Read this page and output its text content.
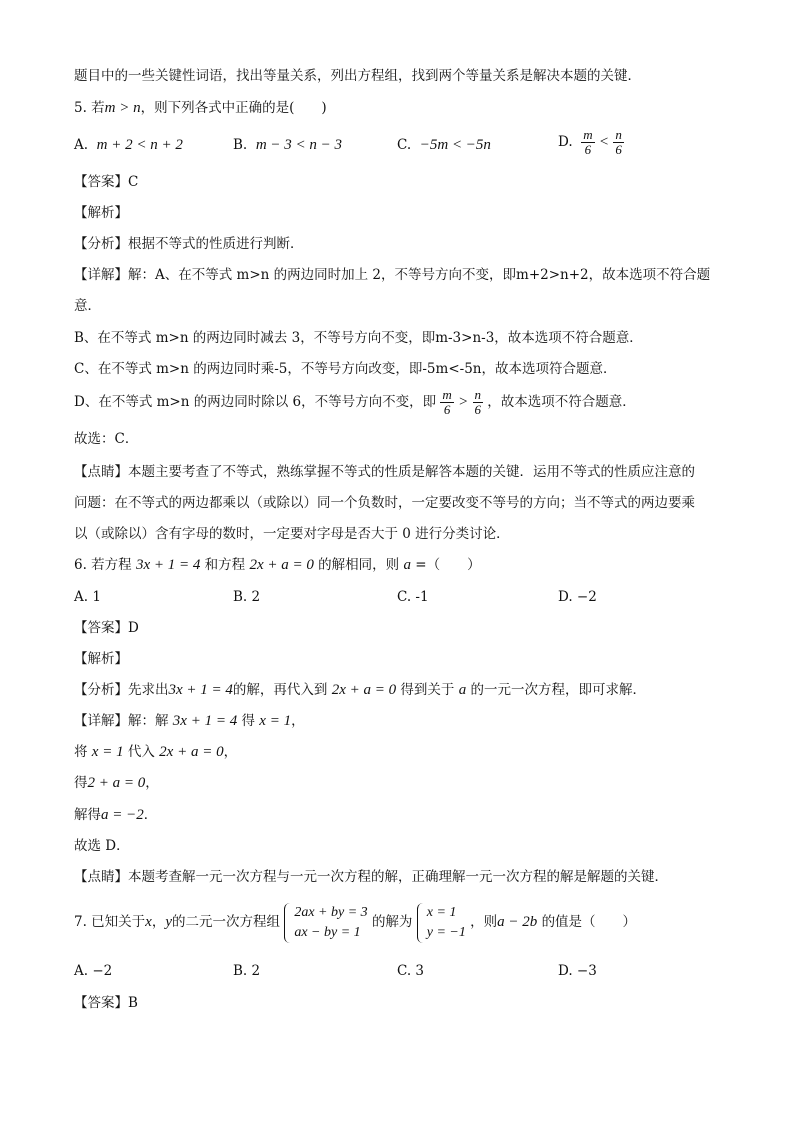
题目中的一些关键性词语，找出等量关系，列出方程组，找到两个等量关系是解决本题的关键．
5. 若m > n，则下列各式中正确的是(　　)
A. m + 2 < n + 2	B. m − 3 < n − 3	C. −5m < −5n	D. $\frac{m}{6} < \frac{n}{6}$
【答案】C
【解析】
【分析】根据不等式的性质进行判断．
【详解】解：A、在不等式 m>n 的两边同时加上 2，不等号方向不变，即m+2>n+2，故本选项不符合题
意．
B、在不等式 m>n 的两边同时减去 3，不等号方向不变，即m-3>n-3，故本选项不符合题意．
C、在不等式 m>n 的两边同时乘-5，不等号方向改变，即-5m<-5n，故本选项符合题意．
D、在不等式 m>n 的两边同时除以 6，不等号方向不变，即 $\frac{m}{6} > \frac{n}{6}$ ，故本选项不符合题意．
故选：C．
【点睛】本题主要考查了不等式，熟练掌握不等式的性质是解答本题的关键．运用不等式的性质应注意的
问题：在不等式的两边都乘以（或除以）同一个负数时，一定要改变不等号的方向；当不等式的两边要乘
以（或除以）含有字母的数时，一定要对字母是否大于 0 进行分类讨论．
6. 若方程 3x + 1 = 4 和方程 2x + a = 0 的解相同，则 a =（　　）
A. 1	B. 2	C. -1	D. −2
【答案】D
【解析】
【分析】先求出3x + 1 = 4的解，再代入到 2x + a = 0 得到关于 a 的一元一次方程，即可求解．
【详解】解：解 3x + 1 = 4 得 x = 1，
将 x = 1 代入 2x + a = 0，
得2 + a = 0，
解得a = −2．
故选 D．
【点睛】本题考查解一元一次方程与一元一次方程的解，正确理解一元一次方程的解是解题的关键．
7. 已知关于x，y的二元一次方程组
2ax + by = 3
ax − by = 1
的解为
x = 1
y = −1
，则a − 2b 的值是（　　）
A. −2	B. 2	C. 3	D. −3
【答案】B
